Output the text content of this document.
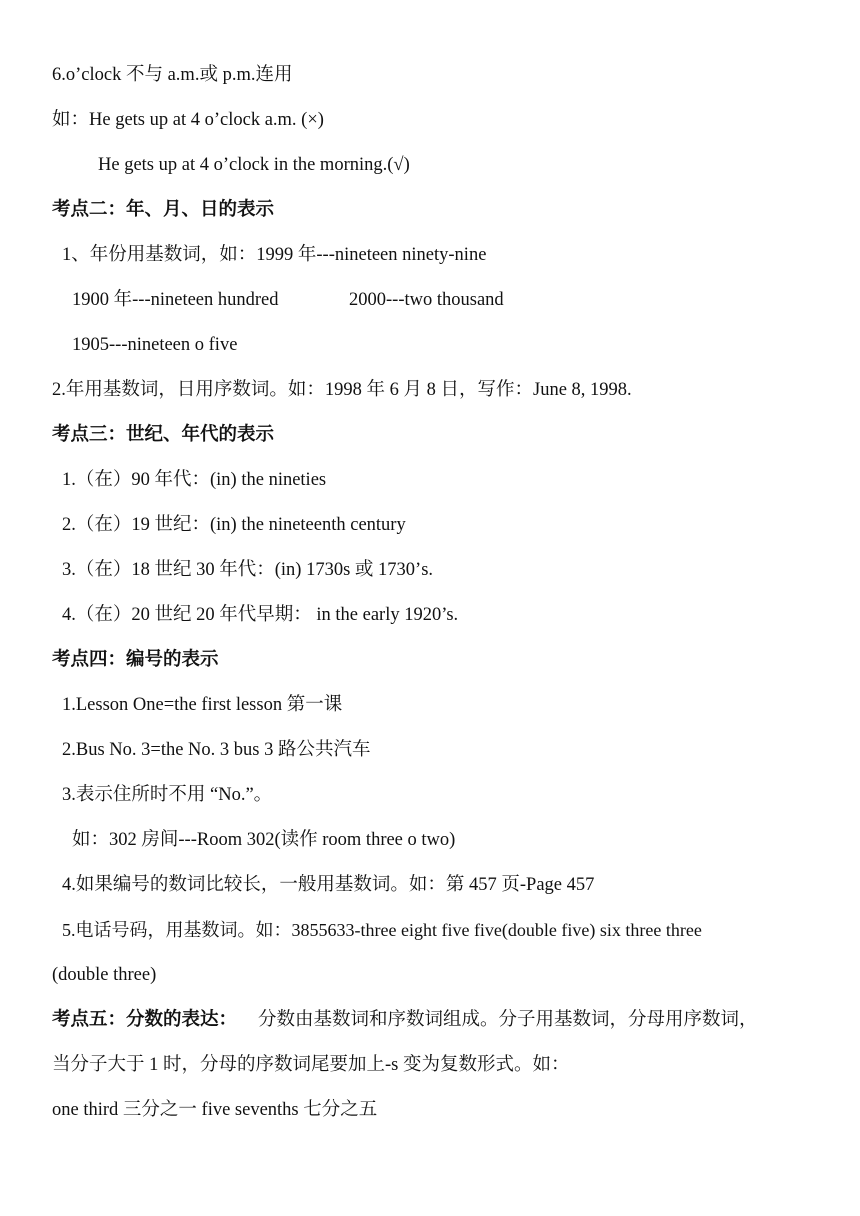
6.o’clock 不与 a.m.或 p.m.连用
如：He gets up at 4 o’clock a.m. (×)
He gets up at 4 o’clock in the morning.(√)
考点二：年、月、日的表示
1、年份用基数词，如：1999 年---nineteen ninety-nine
1900 年---nineteen hundred	2000---two thousand
1905---nineteen o five
2.年用基数词，日用序数词。如：1998 年 6 月 8 日，写作：June 8, 1998.
考点三：世纪、年代的表示
1.（在）90 年代：(in) the nineties
2.（在）19 世纪：(in) the nineteenth century
3.（在）18 世纪 30 年代：(in) 1730s 或 1730’s.
4.（在）20 世纪 20 年代早期： in the early 1920’s.
考点四：编号的表示
1.Lesson One=the first lesson 第一课
2.Bus No. 3=the No. 3 bus 3 路公共汽车
3.表示住所时不用 “No.”。
如：302 房间---Room 302(读作 room three o two)
4.如果编号的数词比较长，一般用基数词。如：第 457 页-Page 457
5.电话号码，用基数词。如：3855633-three eight five five(double five) six three three
(double three)
考点五：分数的表达： 分数由基数词和序数词组成。分子用基数词，分母用序数词，
当分子大于 1 时，分母的序数词尾要加上-s 变为复数形式。如：
one third 三分之一 five sevenths 七分之五
